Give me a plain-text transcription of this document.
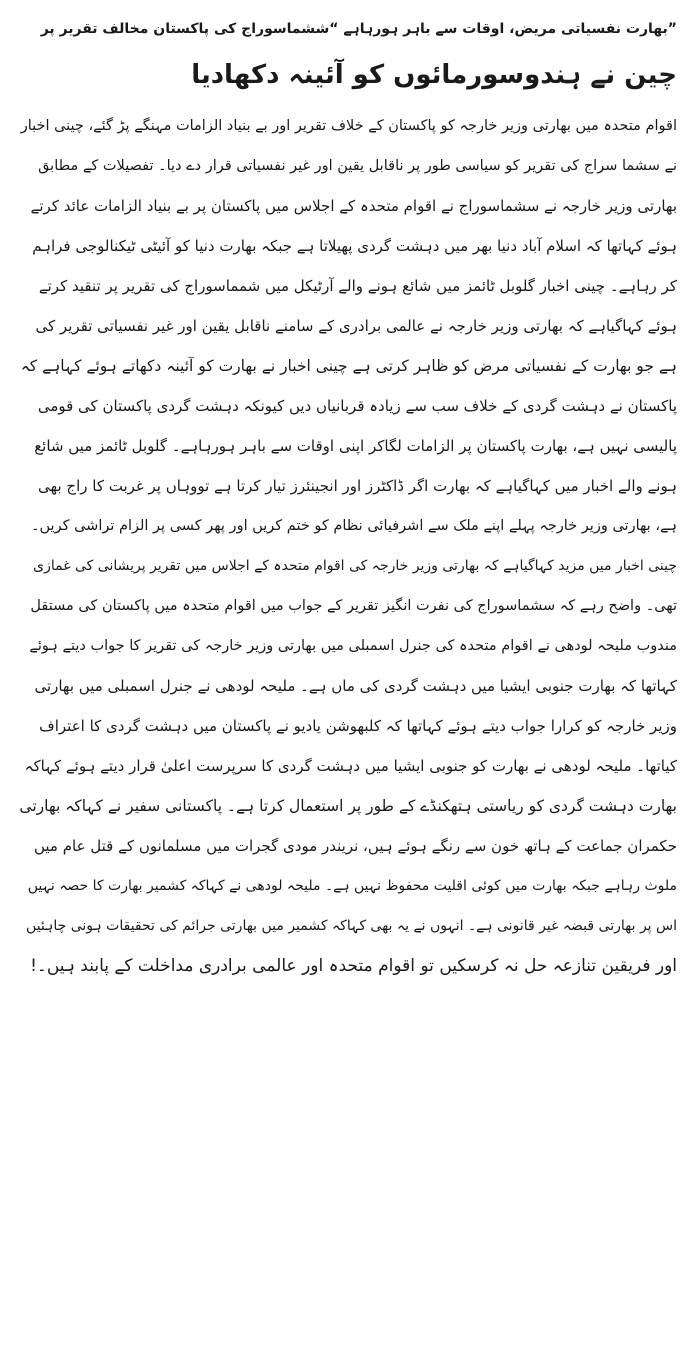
”بھارت نفسیاتی مریض، اوقات سے باہر ہورہاہے “ششماسوراج کی پاکستان مخالف تقریر پر
چین نے ہندوسورمائوں کو آئینہ دکھادیا
اقوام متحدہ میں بھارتی وزیر خارجہ کو پاکستان کے خلاف تقریر اور بے بنیاد الزامات مہنگے پڑ گئے، چینی اخبار
نے سشما سراج کی تقریر کو سیاسی طور پر ناقابل یقین اور غیر نفسیاتی قرار دے دیا۔ تفصیلات کے مطابق
بھارتی وزیر خارجہ نے سشماسوراج نے اقوام متحدہ کے اجلاس میں پاکستان پر بے بنیاد الزامات عائد کرتے
ہوئے کہاتھا کہ اسلام آباد دنیا بھر میں دہشت گردی پھیلاتا ہے جبکہ بھارت دنیا کو آئیٹی ٹیکنالوجی فراہم
کر رہاہے۔ چینی اخبار گلوبل ٹائمز میں شائع ہونے والے آرٹیکل میں شمماسوراج کی تقریر پر تنقید کرتے
ہوئے کہاگیاہے کہ بھارتی وزیر خارجہ نے عالمی برادری کے سامنے ناقابل یقین اور غیر نفسیاتی تقریر کی
ہے جو بھارت کے نفسیاتی مرض کو ظاہر کرتی ہے چینی اخبار نے بھارت کو آئینہ دکھاتے ہوئے کہاہے کہ
پاکستان نے دہشت گردی کے خلاف سب سے زیادہ قربانیاں دیں کیونکہ دہشت گردی پاکستان کی قومی
پالیسی نہیں ہے، بھارت پاکستان پر الزامات لگاکر اپنی اوقات سے باہر ہورہاہے۔ گلوبل ٹائمز میں شائع
ہونے والے اخبار میں کہاگیاہے کہ بھارت اگر ڈاکٹرز اور انجینئرز تیار کرتا ہے تووہاں پر غربت کا راج بھی
ہے، بھارتی وزیر خارجہ پہلے اپنے ملک سے اشرفیائی نظام کو ختم کریں اور پھر کسی پر الزام تراشی کریں۔
چینی اخبار میں مزید کہاگیاہے کہ بھارتی وزیر خارجہ کی اقوام متحدہ کے اجلاس میں تقریر پریشانی کی غمازی
تھی۔ واضح رہے کہ سشماسوراج کی نفرت انگیز تقریر کے جواب میں اقوام متحدہ میں پاکستان کی مستقل
مندوب ملیحہ لودھی نے اقوام متحدہ کی جنرل اسمبلی میں بھارتی وزیر خارجہ کی تقریر کا جواب دیتے ہوئے
کہاتھا کہ بھارت جنوبی ایشیا میں دہشت گردی کی ماں ہے۔ ملیحہ لودھی نے جنرل اسمبلی میں بھارتی
وزیر خارجہ کو کرارا جواب دیتے ہوئے کہاتھا کہ کلبھوشن یادیو نے پاکستان میں دہشت گردی کا اعتراف
کیاتھا۔ ملیحہ لودھی نے بھارت کو جنوبی ایشیا میں دہشت گردی کا سرپرست اعلیٰ قرار دیتے ہوئے کہاکہ
بھارت دہشت گردی کو ریاستی ہتھکنڈے کے طور پر استعمال کرتا ہے۔ پاکستانی سفیر نے کہاکہ بھارتی
حکمران جماعت کے ہاتھ خون سے رنگے ہوئے ہیں، نریندر مودی گجرات میں مسلمانوں کے قتل عام میں
ملوث رہاہے جبکہ بھارت میں کوئی اقلیت محفوظ نہیں ہے۔ ملیحہ لودھی نے کہاکہ کشمیر بھارت کا حصہ نہیں
اس پر بھارتی قبضہ غیر قانونی ہے۔ انہوں نے یہ بھی کہاکہ کشمیر میں بھارتی جرائم کی تحقیقات ہونی چاہئیں
اور فریقین تنازعہ حل نہ کرسکیں تو اقوام متحدہ اور عالمی برادری مداخلت کے پابند ہیں۔!
